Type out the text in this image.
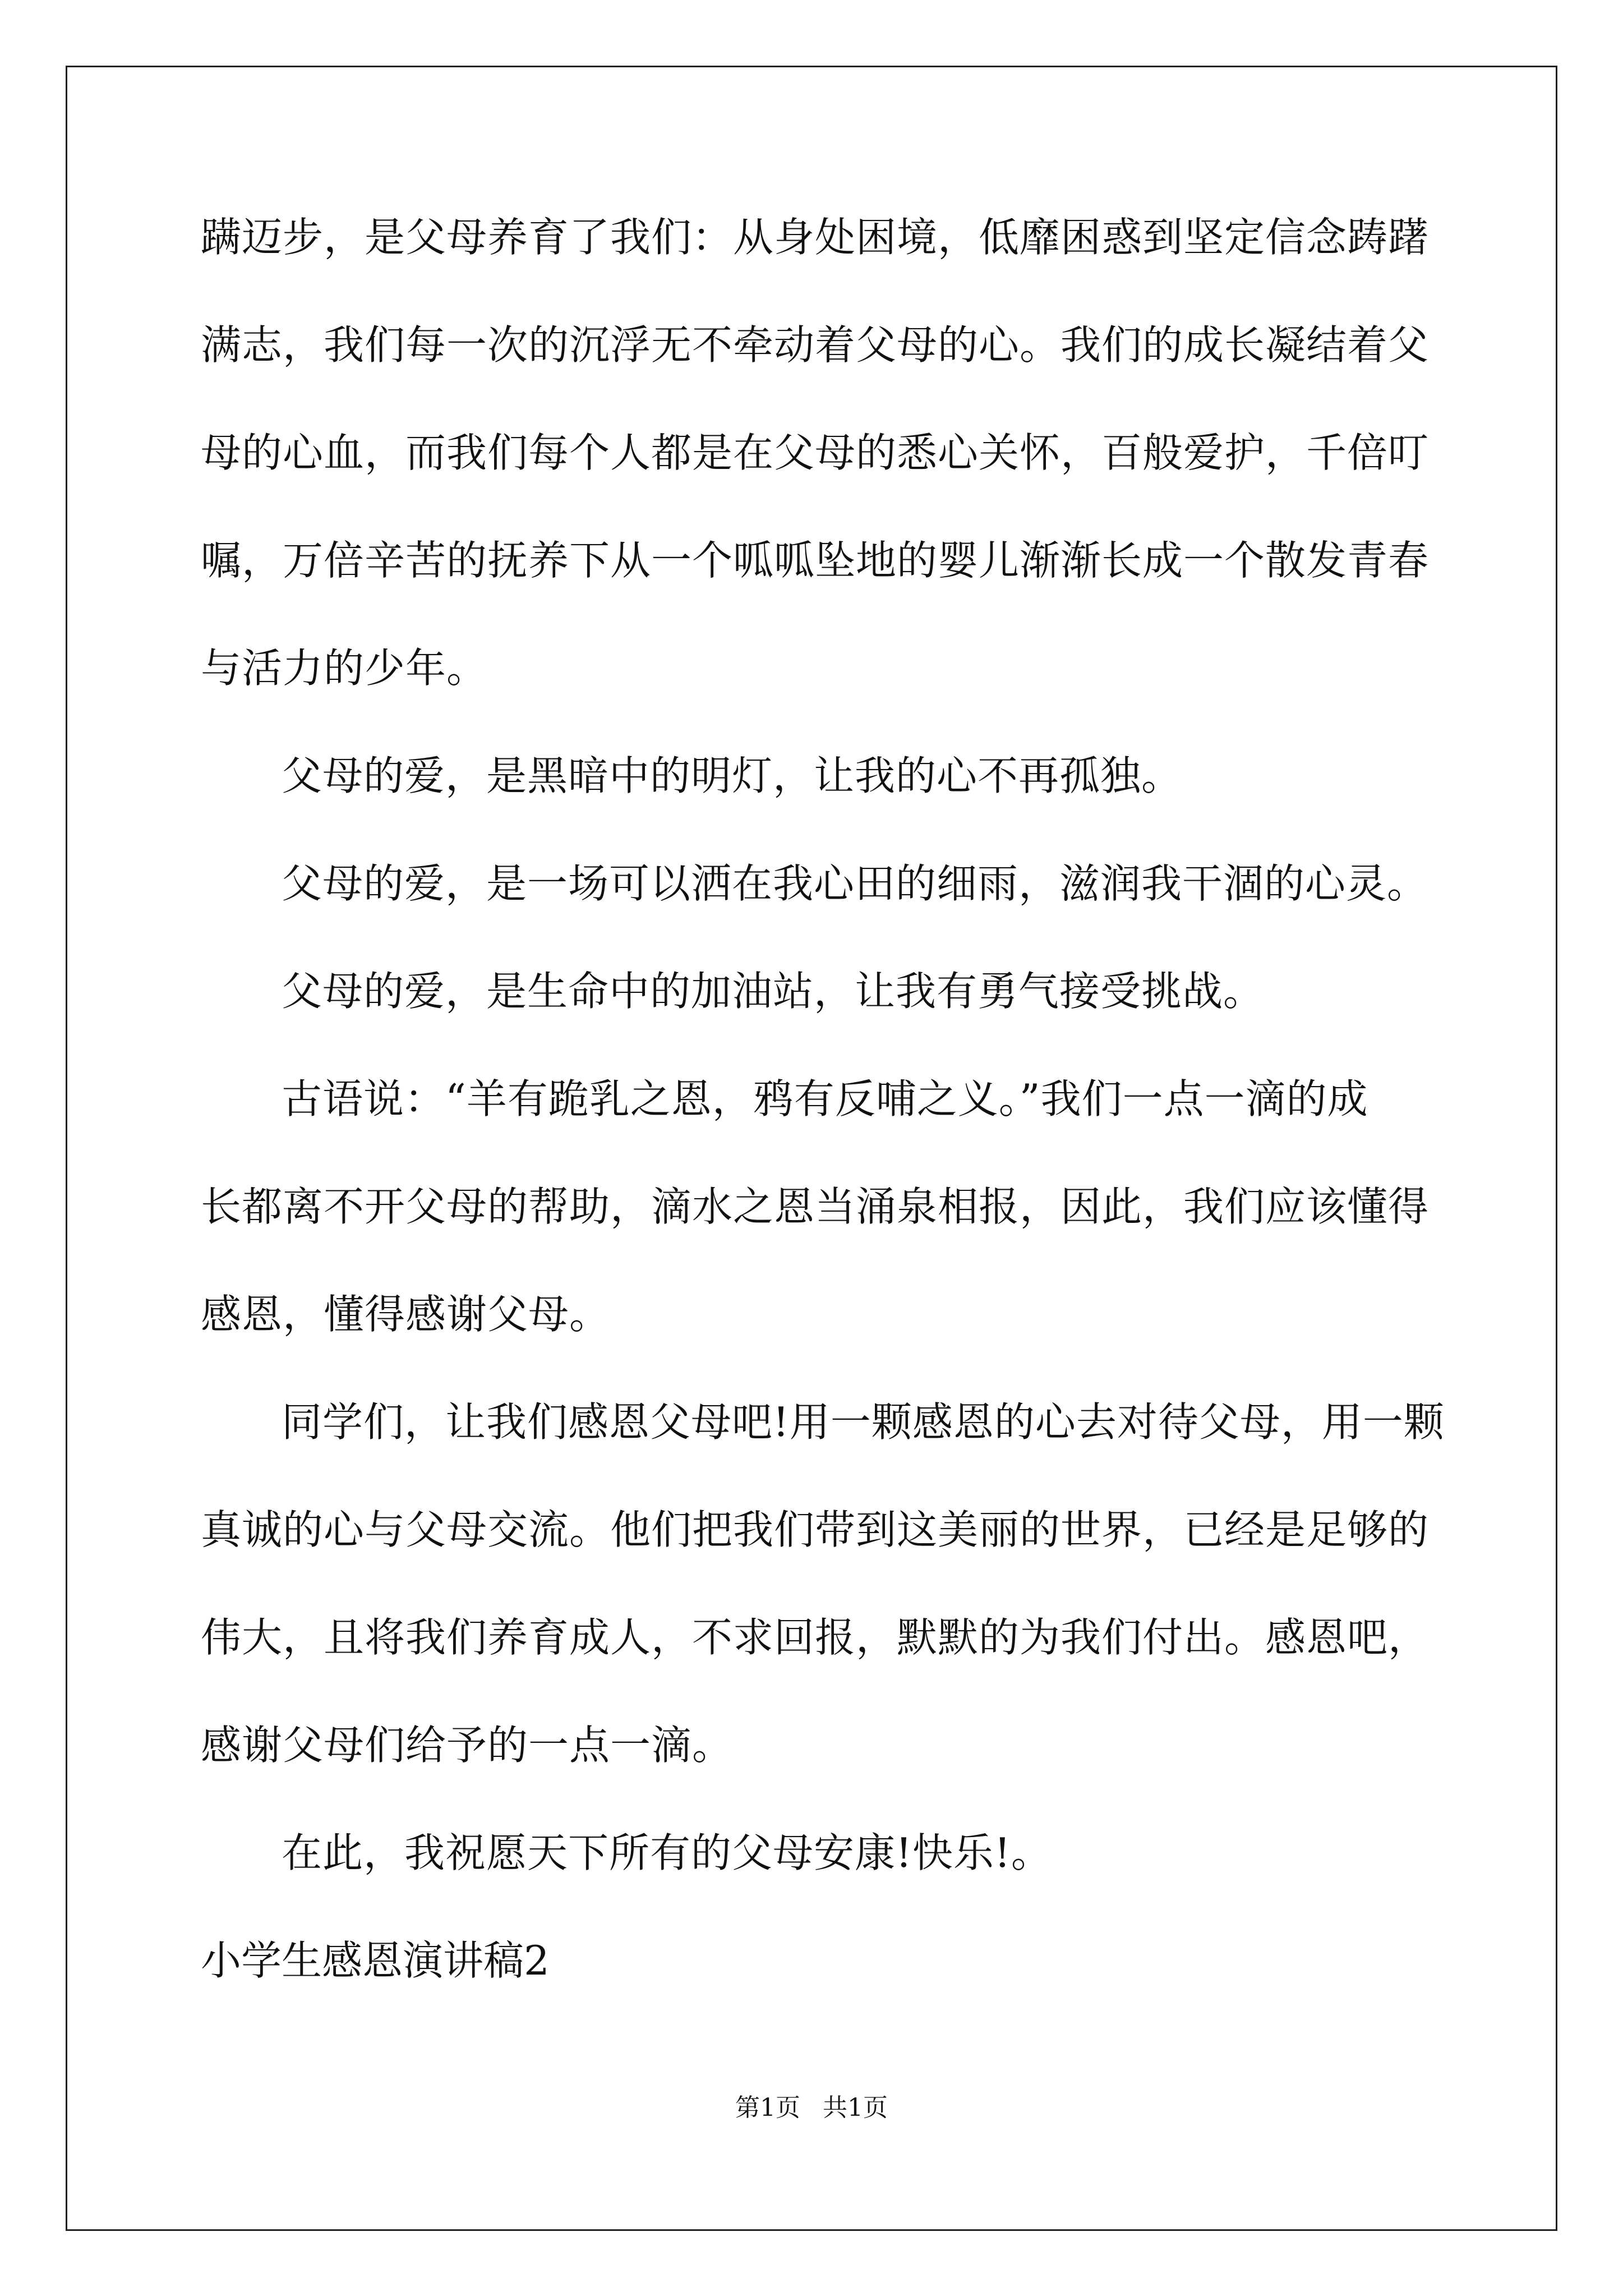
蹒迈步，是父母养育了我们：从身处困境，低靡困惑到坚定信念踌躇
满志，我们每一次的沉浮无不牵动着父母的心。我们的成长凝结着父
母的心血，而我们每个人都是在父母的悉心关怀，百般爱护，千倍叮
嘱，万倍辛苦的抚养下从一个呱呱坠地的婴儿渐渐长成一个散发青春
与活力的少年。
父母的爱，是黑暗中的明灯，让我的心不再孤独。
父母的爱，是一场可以洒在我心田的细雨，滋润我干涸的心灵。
父母的爱，是生命中的加油站，让我有勇气接受挑战。
古语说：“羊有跪乳之恩，鸦有反哺之义。”我们一点一滴的成
长都离不开父母的帮助，滴水之恩当涌泉相报，因此，我们应该懂得
感恩，懂得感谢父母。
同学们，让我们感恩父母吧!用一颗感恩的心去对待父母，用一颗
真诚的心与父母交流。他们把我们带到这美丽的世界，已经是足够的
伟大，且将我们养育成人，不求回报，默默的为我们付出。感恩吧，
感谢父母们给予的一点一滴。
在此，我祝愿天下所有的父母安康!快乐!。
小学生感恩演讲稿2
第1页 共1页
